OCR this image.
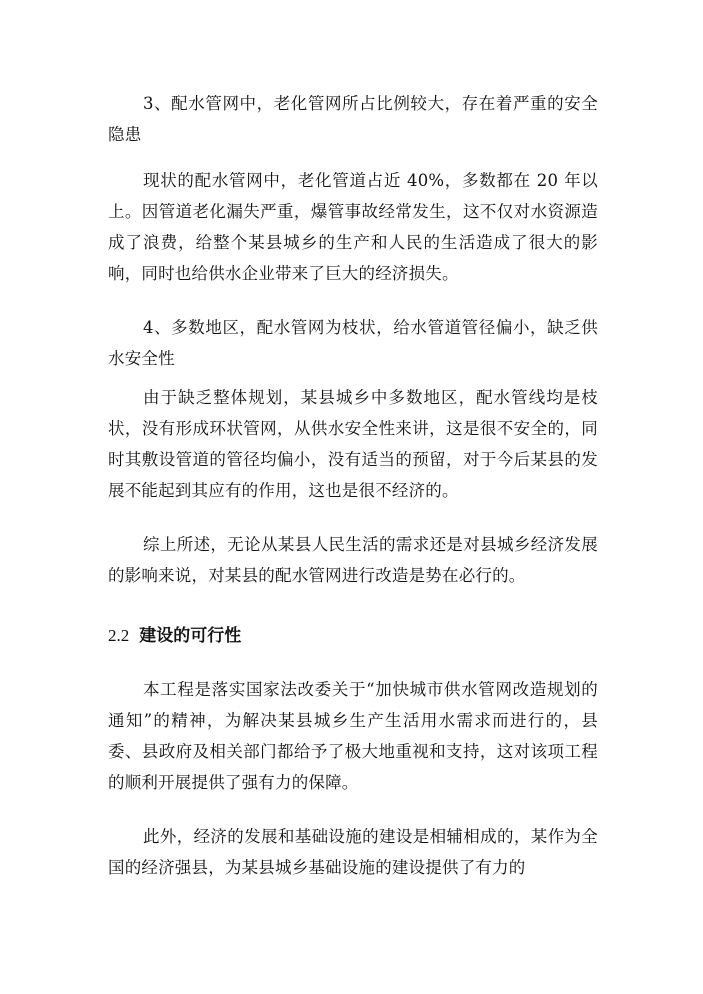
3、配水管网中，老化管网所占比例较大，存在着严重的安全隐患

现状的配水管网中，老化管道占近 40%，多数都在 20 年以上。因管道老化漏失严重，爆管事故经常发生，这不仅对水资源造成了浪费，给整个某县城乡的生产和人民的生活造成了很大的影响，同时也给供水企业带来了巨大的经济损失。

4、多数地区，配水管网为枝状，给水管道管径偏小，缺乏供水安全性

由于缺乏整体规划，某县城乡中多数地区，配水管线均是枝状，没有形成环状管网，从供水安全性来讲，这是很不安全的，同时其敷设管道的管径均偏小，没有适当的预留，对于今后某县的发展不能起到其应有的作用，这也是很不经济的。

综上所述，无论从某县人民生活的需求还是对县城乡经济发展的影响来说，对某县的配水管网进行改造是势在必行的。

2.2 建设的可行性

本工程是落实国家法改委关于“加快城市供水管网改造规划的通知”的精神，为解决某县城乡生产生活用水需求而进行的，县委、县政府及相关部门都给予了极大地重视和支持，这对该项工程的顺利开展提供了强有力的保障。

此外，经济的发展和基础设施的建设是相辅相成的，某作为全国的经济强县，为某县城乡基础设施的建设提供了有力的
